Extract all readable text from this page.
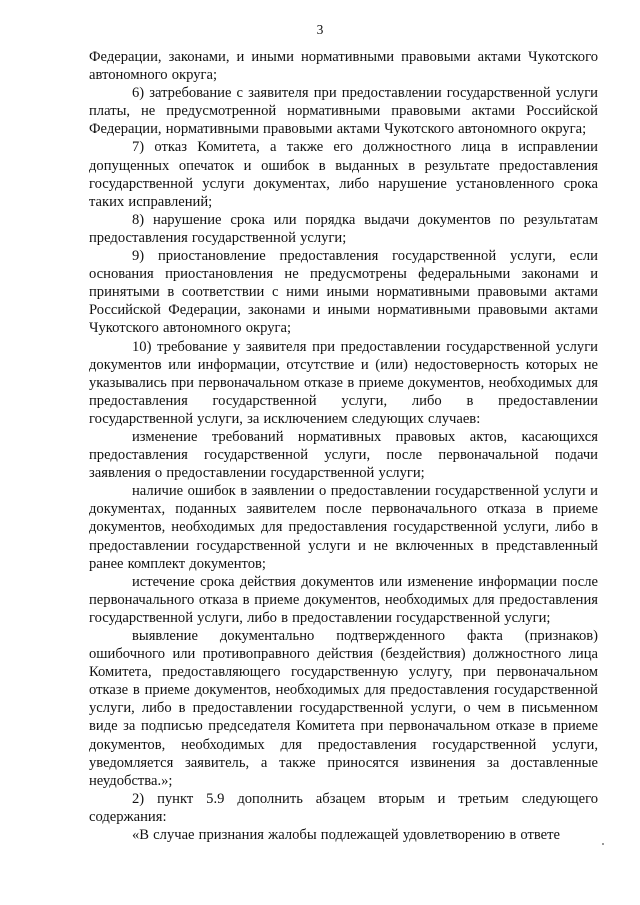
3

Федерации, законами, и иными нормативными правовыми актами Чукотского автономного округа;

6) затребование с заявителя при предоставлении государственной услуги платы, не предусмотренной нормативными правовыми актами Российской Федерации, нормативными правовыми актами Чукотского автономного округа;

7) отказ Комитета, а также его должностного лица в исправлении допущенных опечаток и ошибок в выданных в результате предоставления государственной услуги документах, либо нарушение установленного срока таких исправлений;

8) нарушение срока или порядка выдачи документов по результатам предоставления государственной услуги;

9) приостановление предоставления государственной услуги, если основания приостановления не предусмотрены федеральными законами и принятыми в соответствии с ними иными нормативными правовыми актами Российской Федерации, законами и иными нормативными правовыми актами Чукотского автономного округа;

10) требование у заявителя при предоставлении государственной услуги документов или информации, отсутствие и (или) недостоверность которых не указывались при первоначальном отказе в приеме документов, необходимых для предоставления государственной услуги, либо в предоставлении государственной услуги, за исключением следующих случаев:

изменение требований нормативных правовых актов, касающихся предоставления государственной услуги, после первоначальной подачи заявления о предоставлении государственной услуги;

наличие ошибок в заявлении о предоставлении государственной услуги и документах, поданных заявителем после первоначального отказа в приеме документов, необходимых для предоставления государственной услуги, либо в предоставлении государственной услуги и не включенных в представленный ранее комплект документов;

истечение срока действия документов или изменение информации после первоначального отказа в приеме документов, необходимых для предоставления государственной услуги, либо в предоставлении государственной услуги;

выявление документально подтвержденного факта (признаков) ошибочного или противоправного действия (бездействия) должностного лица Комитета, предоставляющего государственную услугу, при первоначальном отказе в приеме документов, необходимых для предоставления государственной услуги, либо в предоставлении государственной услуги, о чем в письменном виде за подписью председателя Комитета при первоначальном отказе в приеме документов, необходимых для предоставления государственной услуги, уведомляется заявитель, а также приносятся извинения за доставленные неудобства.»;

2) пункт 5.9 дополнить абзацем вторым и третьим следующего содержания:

«В случае признания жалобы подлежащей удовлетворению в ответе
